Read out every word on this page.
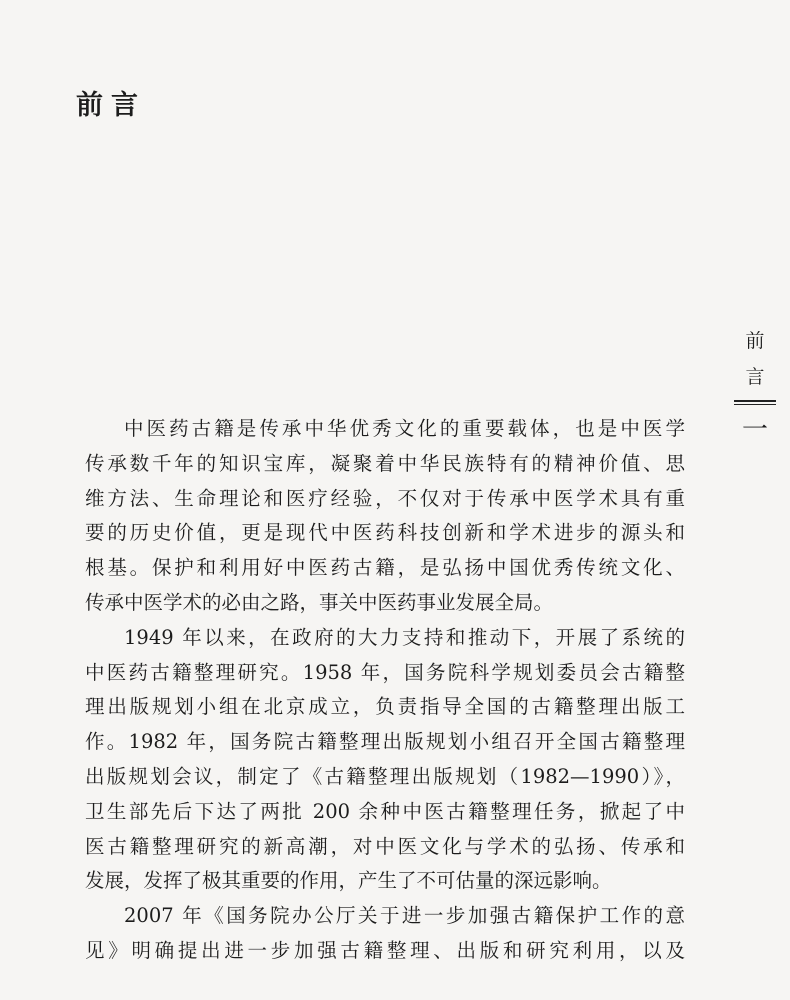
前言
前
言
一
中医药古籍是传承中华优秀文化的重要载体，也是中医学
传承数千年的知识宝库，凝聚着中华民族特有的精神价值、思
维方法、生命理论和医疗经验，不仅对于传承中医学术具有重
要的历史价值，更是现代中医药科技创新和学术进步的源头和
根基。保护和利用好中医药古籍，是弘扬中国优秀传统文化、
传承中医学术的必由之路，事关中医药事业发展全局。
1949 年以来，在政府的大力支持和推动下，开展了系统的
中医药古籍整理研究。1958 年，国务院科学规划委员会古籍整
理出版规划小组在北京成立，负责指导全国的古籍整理出版工
作。1982 年，国务院古籍整理出版规划小组召开全国古籍整理
出版规划会议，制定了《古籍整理出版规划（1982—1990）》，
卫生部先后下达了两批 200 余种中医古籍整理任务，掀起了中
医古籍整理研究的新高潮，对中医文化与学术的弘扬、传承和
发展，发挥了极其重要的作用，产生了不可估量的深远影响。
2007 年《国务院办公厅关于进一步加强古籍保护工作的意
见》明确提出进一步加强古籍整理、出版和研究利用，以及
